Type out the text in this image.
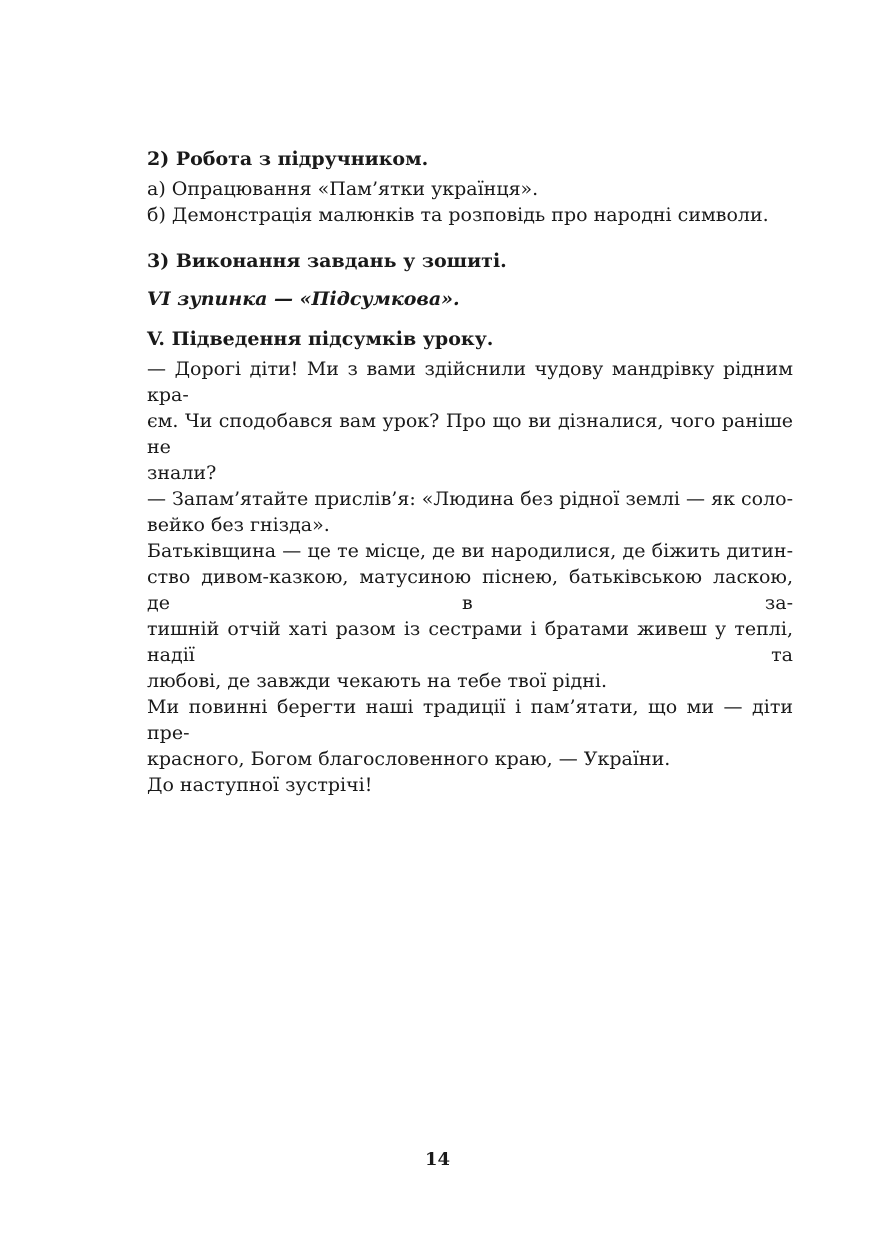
2) Робота з підручником.

а) Опрацювання «Пам’ятки українця».

б) Демонстрація малюнків та розповідь про народні символи.

3) Виконання завдань у зошиті.

VI зупинка — «Підсумкова».

V. Підведення підсумків уроку.

— Дорогі діти! Ми з вами здійснили чудову мандрівку рідним кра-

єм. Чи сподобався вам урок? Про що ви дізналися, чого раніше не

знали?

— Запам’ятайте прислів’я: «Людина без рідної землі — як соло-

вейко без гнізда».

Батьківщина — це те місце, де ви народилися, де біжить дитин-

ство дивом-казкою, матусиною піснею, батьківською ласкою, де в за-

тишній отчій хаті разом із сестрами і братами живеш у теплі, надії та

любові, де завжди чекають на тебе твої рідні.

Ми повинні берегти наші традиції і пам’ятати, що ми — діти пре-

красного, Богом благословенного краю, — України.

До наступної зустрічі!

14
